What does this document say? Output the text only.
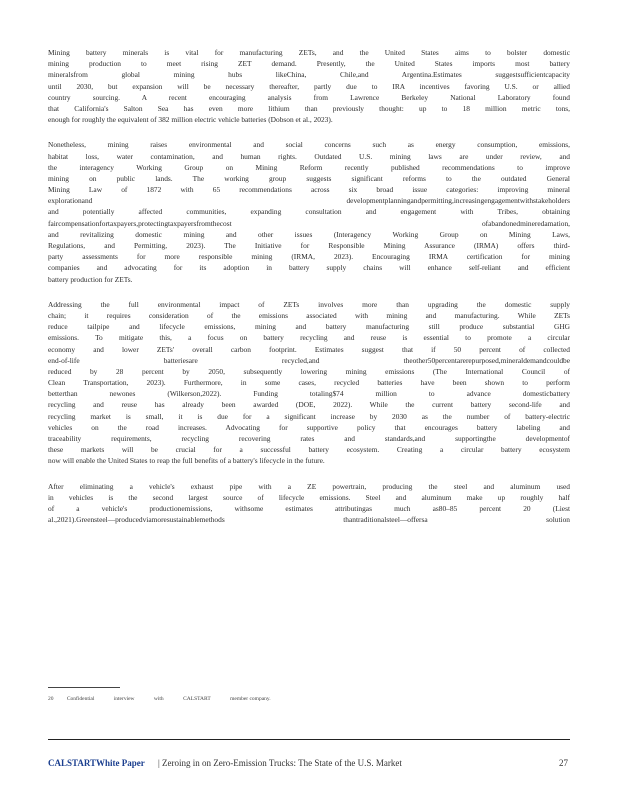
Mining battery minerals is vital for manufacturing ZETs, and the United States aims to bolster domestic
mining production to meet rising ZET demand. Presently, the United States imports most battery
mineralsfrom global mining hubs likeChina, Chile,and Argentina.Estimates suggestsufficientcapacity
until 2030, but expansion will be necessary thereafter, partly due to IRA incentives favoring U.S. or allied
country sourcing. A recent encouraging analysis from Lawrence Berkeley National Laboratory found
that California's Salton Sea has even more lithium than previously thought: up to 18 million metric tons,
enough for roughly the equivalent of 382 million electric vehicle batteries (Dobson et al., 2023).
Nonetheless, mining raises environmental and social concerns such as energy consumption, emissions,
habitat loss, water contamination, and human rights. Outdated U.S. mining laws are under review, and
the interagency Working Group on Mining Reform recently published recommendations to improve
mining on public lands. The working group suggests significant reforms to the outdated General
Mining Law of 1872 with 65 recommendations across six broad issue categories: improving mineral
explorationand developmentplanningandpermitting,increasingengagementwithstakeholders
and potentially affected communities, expanding consultation and engagement with Tribes, obtaining
faircompensationfortaxpayers,protectingtaxpayersfromthecost ofabandonedmineredamation,
and revitalizing domestic mining and other issues (Interagency Working Group on Mining Laws,
Regulations, and Permitting, 2023). The Initiative for Responsible Mining Assurance (IRMA) offers third-
party assessments for more responsible mining (IRMA, 2023). Encouraging IRMA certification for mining
companies and advocating for its adoption in battery supply chains will enhance self-reliant and efficient
battery production for ZETs.
Addressing the full environmental impact of ZETs involves more than upgrading the domestic supply
chain; it requires consideration of the emissions associated with mining and manufacturing. While ZETs
reduce tailpipe and lifecycle emissions, mining and battery manufacturing still produce substantial GHG
emissions. To mitigate this, a focus on battery recycling and reuse is essential to promote a circular
economy and lower ZETs' overall carbon footprint. Estimates suggest that if 50 percent of collected
end-of-life batteriesare recycled,and theother50percentarerepurposed,mineraldemandcouldbe
reduced by 28 percent by 2050, subsequently lowering mining emissions (The International Council of
Clean Transportation, 2023). Furthermore, in some cases, recycled batteries have been shown to perform
betterthan newones (Wilkerson,2022). Funding totaling$74 million to advance domesticbattery
recycling and reuse has already been awarded (DOE, 2022). While the current battery second-life and
recycling market is small, it is due for a significant increase by 2030 as the number of battery-electric
vehicles on the road increases. Advocating for supportive policy that encourages battery labeling and
traceability requirements, recycling recovering rates and standards,and supportingthe developmentof
these markets will be crucial for a successful battery ecosystem. Creating a circular battery ecosystem
now will enable the United States to reap the full benefits of a battery's lifecycle in the future.
After eliminating a vehicle's exhaust pipe with a ZE powertrain, producing the steel and aluminum used
in vehicles is the second largest source of lifecycle emissions. Steel and aluminum make up roughly half
of a vehicle's productionemissions, withsome estimates attributingas much as80–85 percent 20 (Liest
al.,2021).Greensteel—producedviamoresustainablemethods thantraditionalsteel—offersa solution
20 Confidential	interview	with	CALSTART	member company.
CALSTARTWhite Paper | Zeroing in on Zero-Emission Trucks: The State of the U.S. Market	27
